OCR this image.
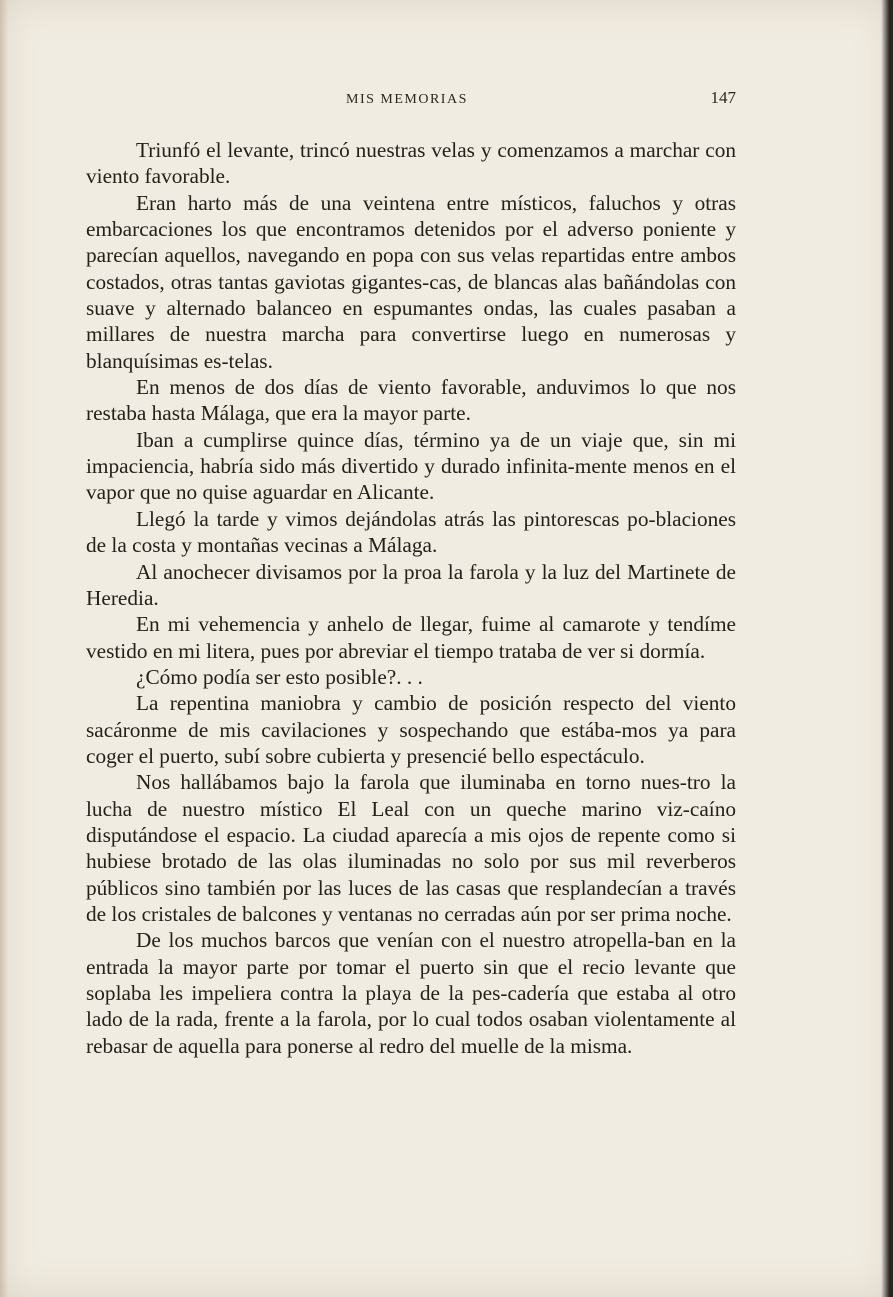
MIS MEMORIAS	147

Triunfó el levante, trincó nuestras velas y comenzamos a marchar con viento favorable.

Eran harto más de una veintena entre místicos, faluchos y otras embarcaciones los que encontramos detenidos por el adverso poniente y parecían aquellos, navegando en popa con sus velas repartidas entre ambos costados, otras tantas gaviotas gigantes-cas, de blancas alas bañándolas con suave y alternado balanceo en espumantes ondas, las cuales pasaban a millares de nuestra marcha para convertirse luego en numerosas y blanquísimas es-telas.

En menos de dos días de viento favorable, anduvimos lo que nos restaba hasta Málaga, que era la mayor parte.

Iban a cumplirse quince días, término ya de un viaje que, sin mi impaciencia, habría sido más divertido y durado infinita-mente menos en el vapor que no quise aguardar en Alicante.

Llegó la tarde y vimos dejándolas atrás las pintorescas po-blaciones de la costa y montañas vecinas a Málaga.

Al anochecer divisamos por la proa la farola y la luz del Martinete de Heredia.

En mi vehemencia y anhelo de llegar, fuime al camarote y tendíme vestido en mi litera, pues por abreviar el tiempo trataba de ver si dormía.

¿Cómo podía ser esto posible?. . .

La repentina maniobra y cambio de posición respecto del viento sacáronme de mis cavilaciones y sospechando que estába-mos ya para coger el puerto, subí sobre cubierta y presencié bello espectáculo.

Nos hallábamos bajo la farola que iluminaba en torno nues-tro la lucha de nuestro místico El Leal con un queche marino viz-caíno disputándose el espacio. La ciudad aparecía a mis ojos de repente como si hubiese brotado de las olas iluminadas no solo por sus mil reverberos públicos sino también por las luces de las casas que resplandecían a través de los cristales de balcones y ventanas no cerradas aún por ser prima noche.

De los muchos barcos que venían con el nuestro atropella-ban en la entrada la mayor parte por tomar el puerto sin que el recio levante que soplaba les impeliera contra la playa de la pes-cadería que estaba al otro lado de la rada, frente a la farola, por lo cual todos osaban violentamente al rebasar de aquella para ponerse al redro del muelle de la misma.
